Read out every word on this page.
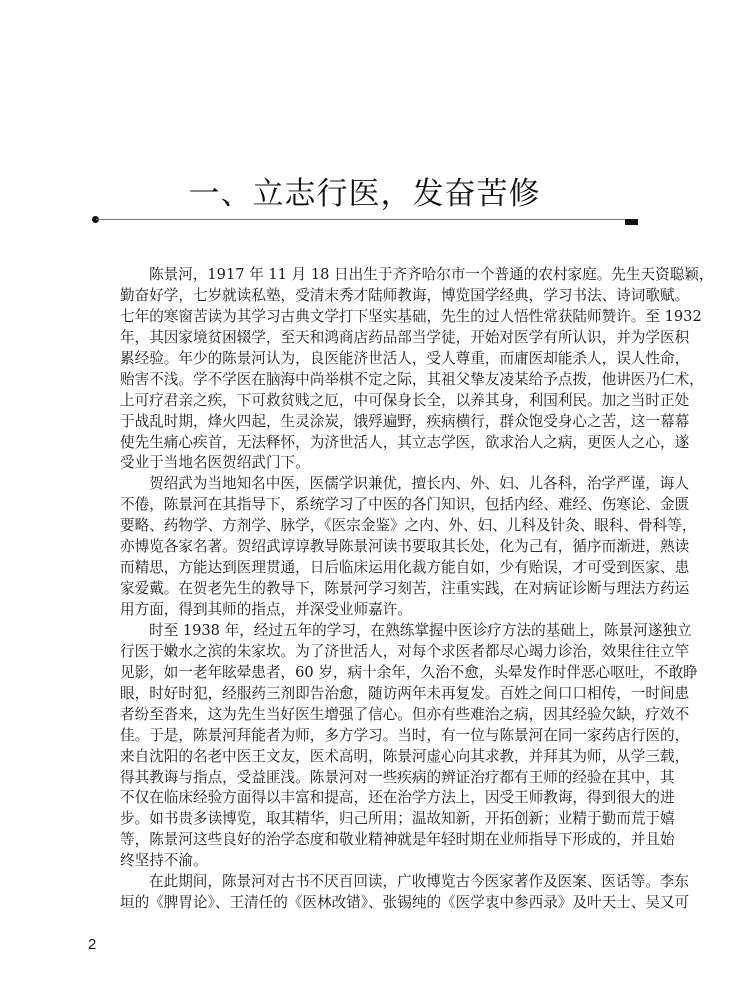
一、立志行医，发奋苦修
陈景河，1917 年 11 月 18 日出生于齐齐哈尔市一个普通的农村家庭。先生天资聪颖，
勤奋好学，七岁就读私塾，受清末秀才陆师教诲，博览国学经典，学习书法、诗词歌赋。
七年的寒窗苦读为其学习古典文学打下坚实基础，先生的过人悟性常获陆师赞许。至 1932
年，其因家境贫困辍学，至天和鸿商店药品部当学徒，开始对医学有所认识，并为学医积
累经验。年少的陈景河认为，良医能济世活人，受人尊重，而庸医却能杀人，误人性命，
贻害不浅。学不学医在脑海中尚举棋不定之际，其祖父挚友凌某给予点拨，他讲医乃仁术，
上可疗君亲之疾，下可救贫贱之厄，中可保身长全，以养其身，利国利民。加之当时正处
于战乱时期，烽火四起，生灵涂炭，饿殍遍野，疾病横行，群众饱受身心之苦，这一幕幕
使先生痛心疾首，无法释怀，为济世活人，其立志学医，欲求治人之病，更医人之心，遂
受业于当地名医贺绍武门下。
贺绍武为当地知名中医，医儒学识兼优，擅长内、外、妇、儿各科，治学严谨，诲人
不倦，陈景河在其指导下，系统学习了中医的各门知识，包括内经、难经、伤寒论、金匮
要略、药物学、方剂学、脉学，《医宗金鉴》之内、外、妇、儿科及针灸、眼科、骨科等，
亦博览各家名著。贺绍武谆谆教导陈景河读书要取其长处，化为己有，循序而渐进，熟读
而精思，方能达到医理贯通，日后临床运用化裁方能自如，少有贻误，才可受到医家、患
家爱戴。在贺老先生的教导下，陈景河学习刻苦，注重实践，在对病证诊断与理法方药运
用方面，得到其师的指点，并深受业师嘉许。
时至 1938 年，经过五年的学习，在熟练掌握中医诊疗方法的基础上，陈景河遂独立
行医于嫩水之滨的朱家坎。为了济世活人，对每个求医者都尽心竭力诊治，效果往往立竿
见影，如一老年眩晕患者，60 岁，病十余年，久治不愈，头晕发作时伴恶心呕吐，不敢睁
眼，时好时犯，经服药三剂即告治愈，随访两年未再复发。百姓之间口口相传，一时间患
者纷至沓来，这为先生当好医生增强了信心。但亦有些难治之病，因其经验欠缺，疗效不
佳。于是，陈景河拜能者为师，多方学习。当时，有一位与陈景河在同一家药店行医的，
来自沈阳的名老中医王文友，医术高明，陈景河虚心向其求教，并拜其为师，从学三载，
得其教诲与指点，受益匪浅。陈景河对一些疾病的辨证治疗都有王师的经验在其中，其
不仅在临床经验方面得以丰富和提高，还在治学方法上，因受王师教诲，得到很大的进
步。如书贵多读博览，取其精华，归己所用；温故知新，开拓创新；业精于勤而荒于嬉
等，陈景河这些良好的治学态度和敬业精神就是年轻时期在业师指导下形成的，并且始
终坚持不渝。
在此期间，陈景河对古书不厌百回读，广收博览古今医家著作及医案、医话等。李东
垣的《脾胃论》、王清任的《医林改错》、张锡纯的《医学衷中参西录》及叶天士、吴又可
2
